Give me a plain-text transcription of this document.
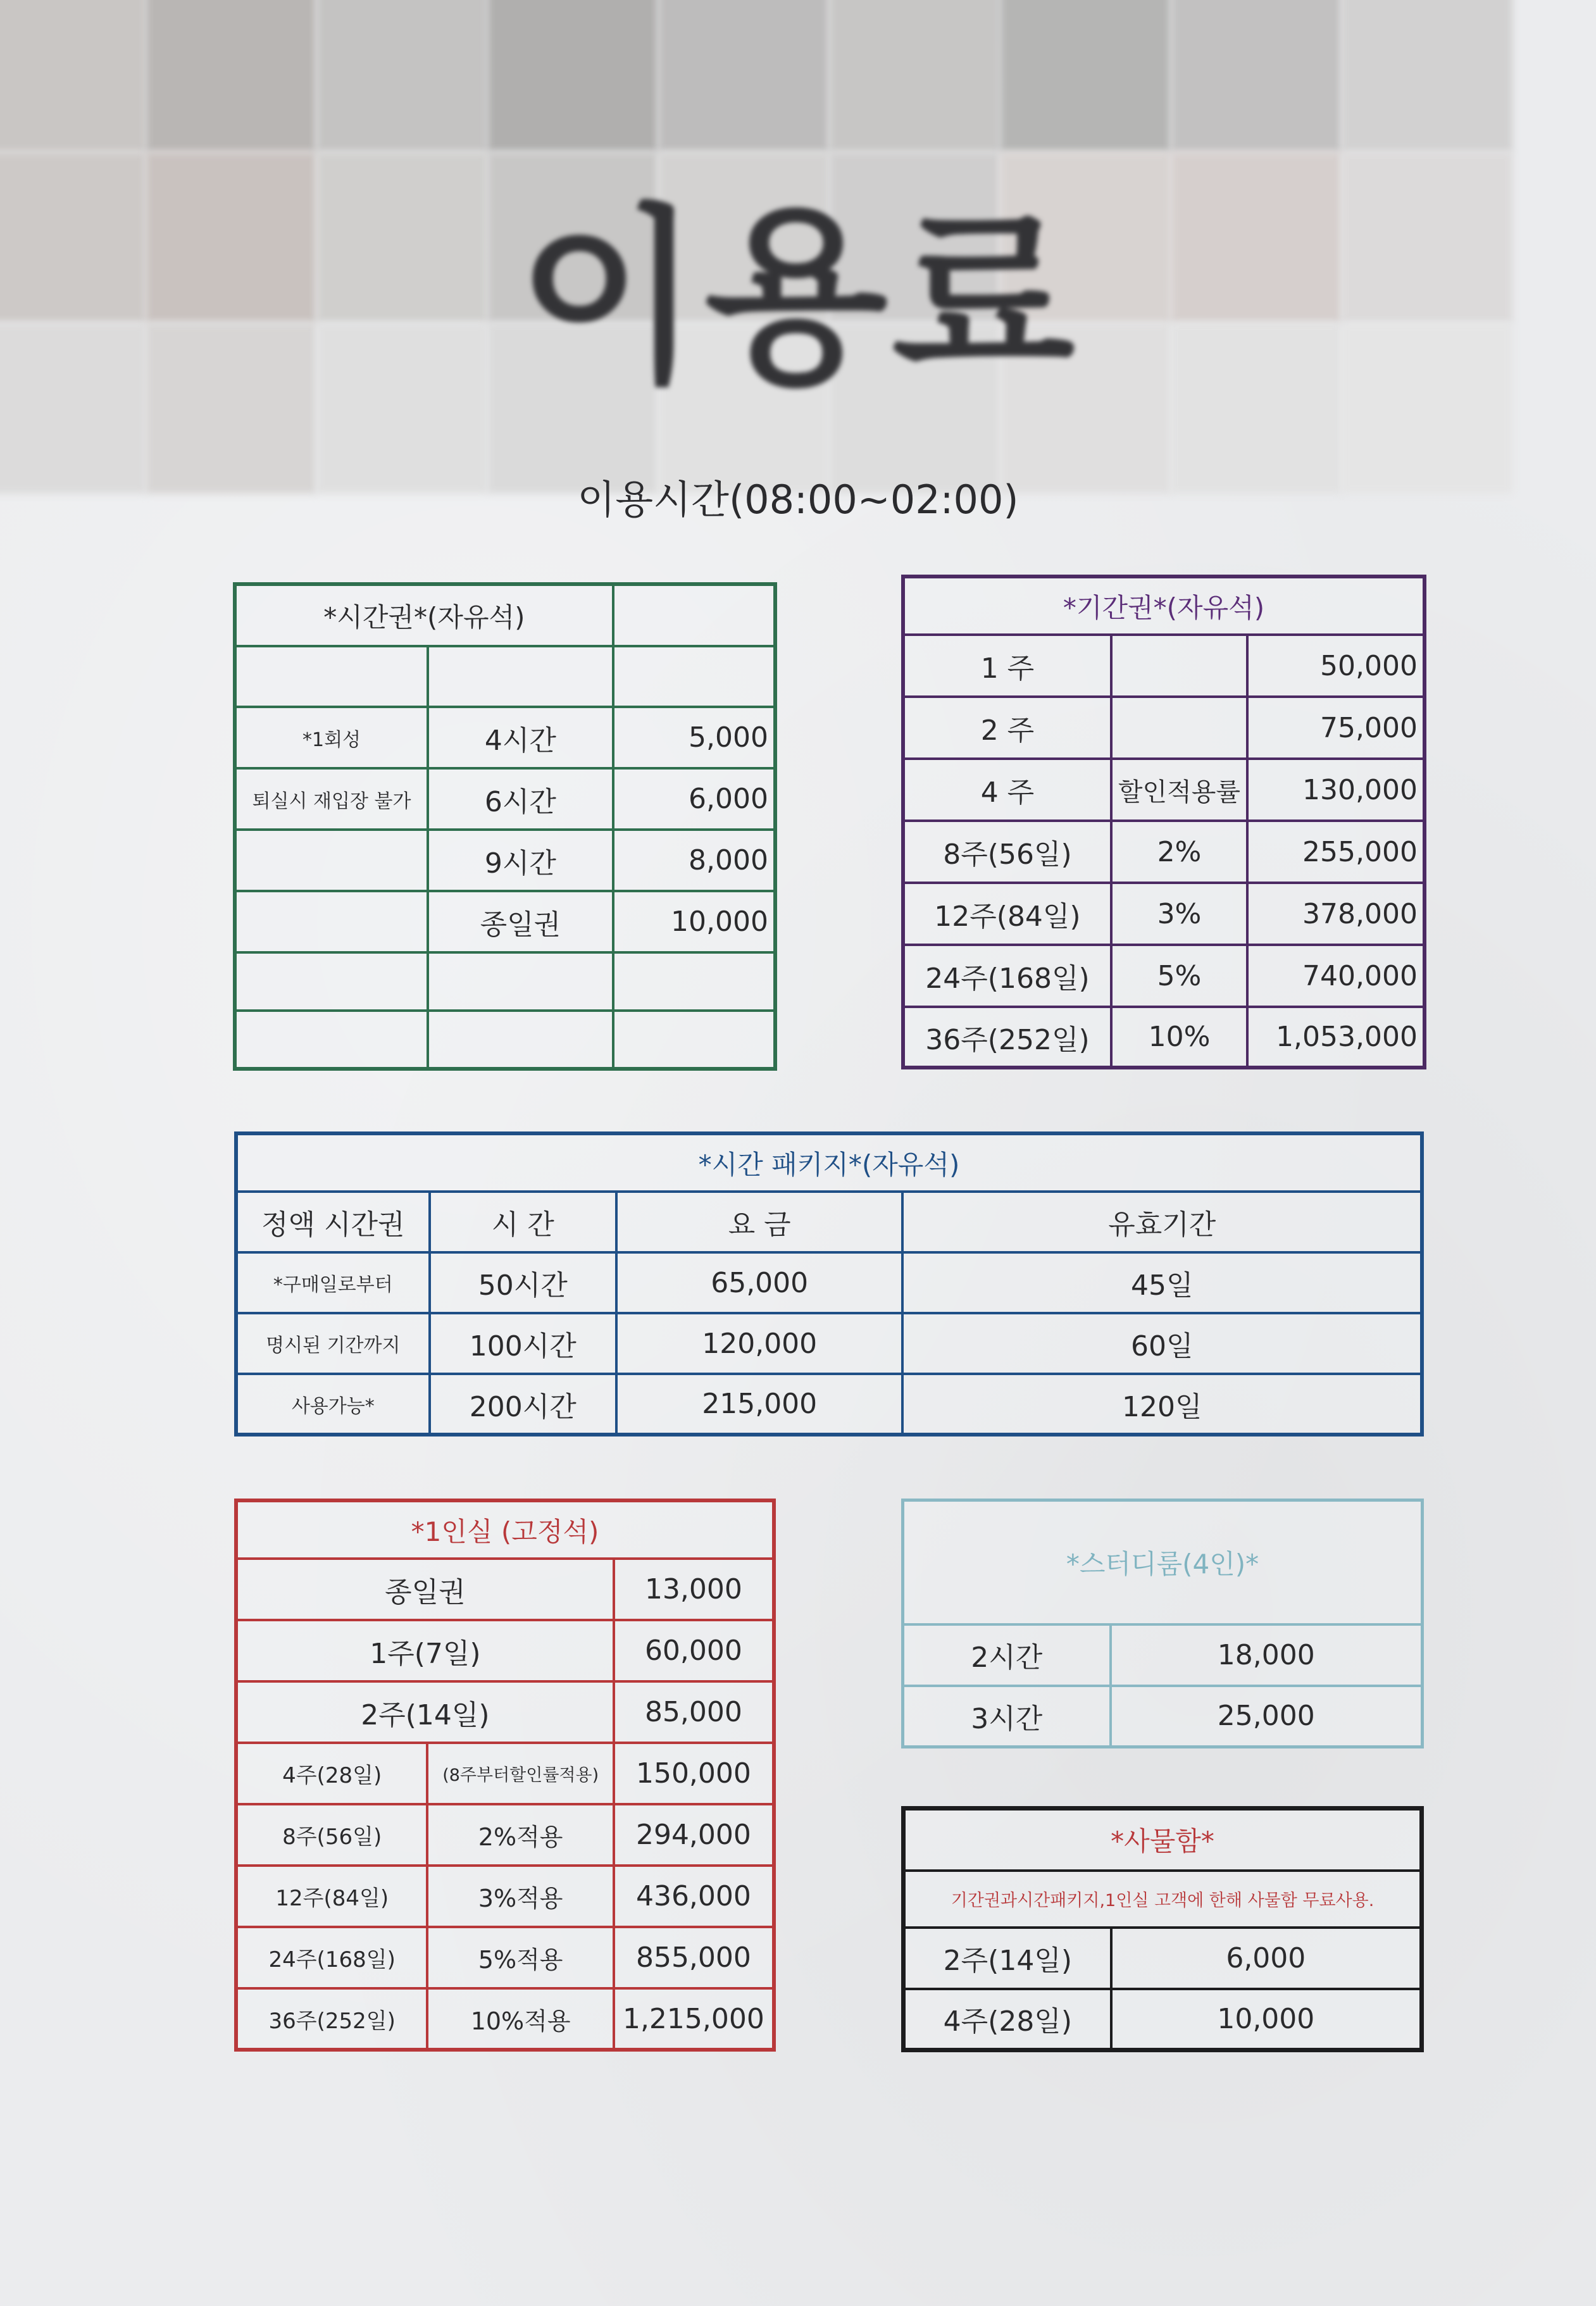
이용료
이용시간(08:00~02:00)
*시간권*(자유석)		

*1회성	4시간	5,000
퇴실시 재입장 불가	6시간	6,000
	9시간	8,000
	종일권	10,000

*기간권*(자유석)		
1 주		50,000
2 주		75,000
4 주	할인적용률	130,000
8주(56일)	2%	255,000
12주(84일)	3%	378,000
24주(168일)	5%	740,000
36주(252일)	10%	1,053,000
*시간 패키지*(자유석)			
정액 시간권	시 간	요 금	유효기간
*구매일로부터	50시간	65,000	45일
명시된 기간까지	100시간	120,000	60일
사용가능*	200시간	215,000	120일
*1인실 (고정석)		
종일권		13,000
1주(7일)		60,000
2주(14일)		85,000
4주(28일)	(8주부터할인률적용)	150,000
8주(56일)	2%적용	294,000
12주(84일)	3%적용	436,000
24주(168일)	5%적용	855,000
36주(252일)	10%적용	1,215,000
*스터디룸(4인)*	
2시간	18,000
3시간	25,000
*사물함*	
기간권과시간패키지,1인실 고객에 한해 사물함 무료사용.	
2주(14일)	6,000
4주(28일)	10,000
